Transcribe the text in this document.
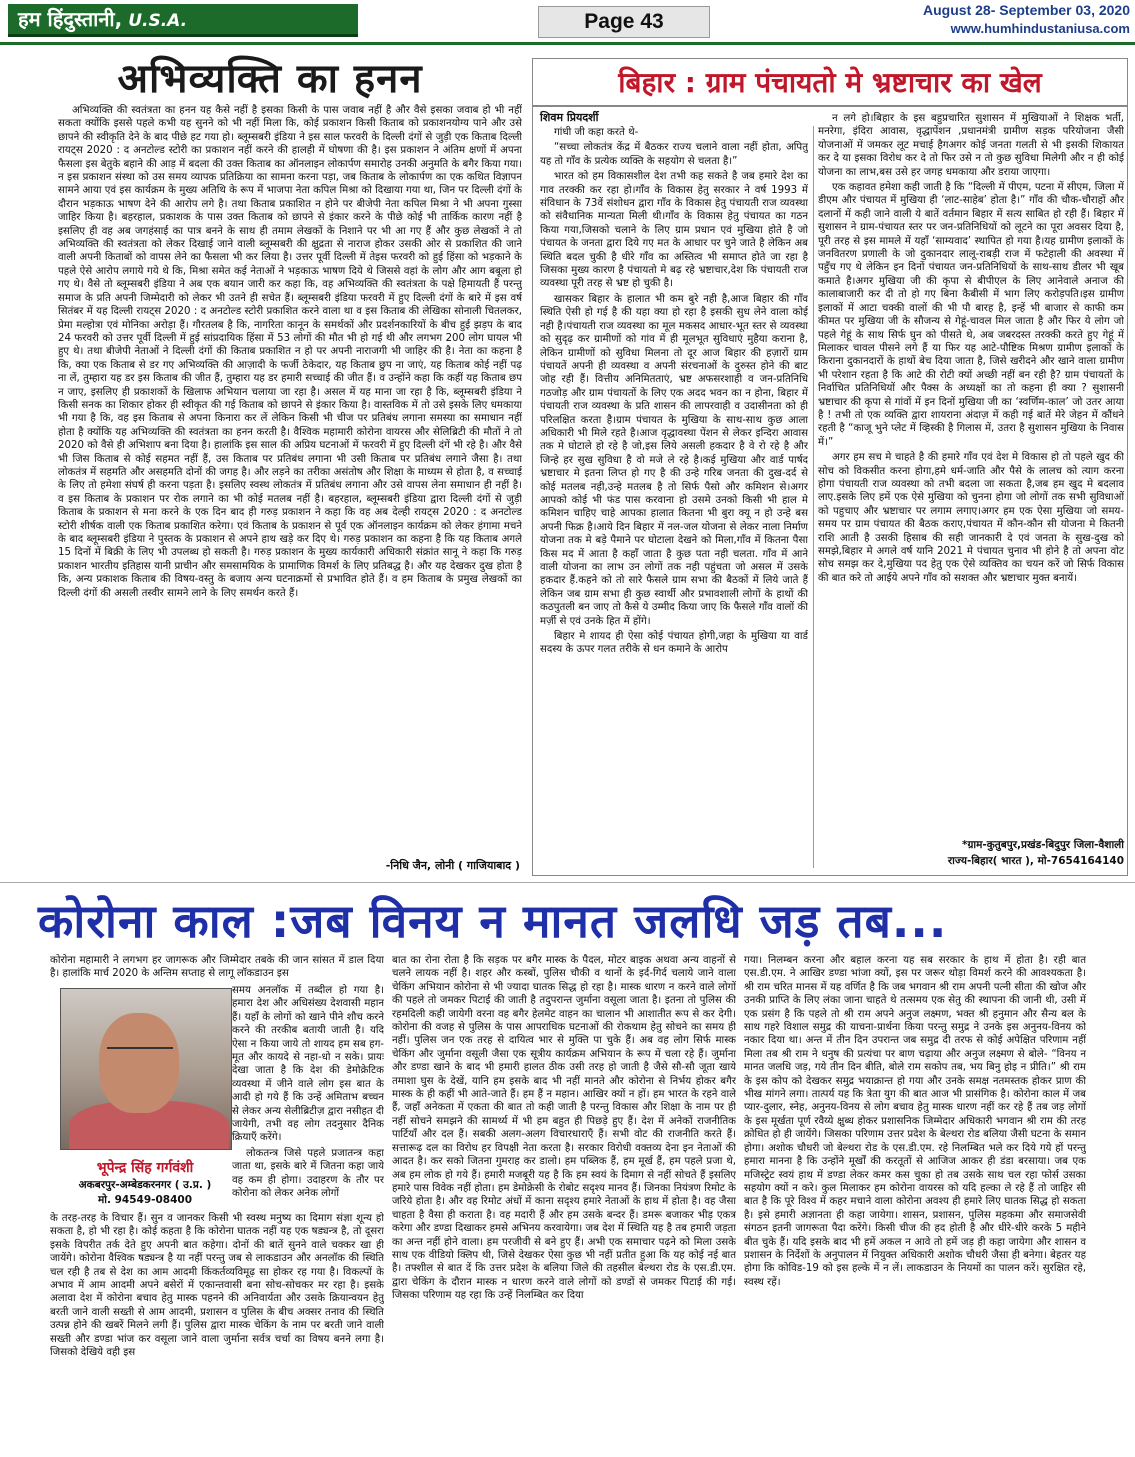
हम हिंदुस्तानी, U.S.A.	Page 43	August 28- September 03, 2020
www.humhindustaniusa.com
अभिव्यक्ति का हनन

अभिव्यक्ति की स्वतंत्रता का हनन यह कैसे नहीं है इसका किसी के पास जवाब नहीं है और वैसे इसका जवाब हो भी नहीं सकता क्योंकि इससे पहले कभी यह सुनने को भी नहीं मिला कि, कोई प्रकाशन किसी किताब को प्रकाशनयोग्य पाने और उसे छापने की स्वीकृति देने के बाद पीछे हट गया हो। ब्लूम्सबरी इंडिया ने इस साल फरवरी के दिल्ली दंगों से जुड़ी एक किताब दिल्ली रायट्स 2020 : द अनटोल्ड स्टोरी का प्रकाशन नहीं करने की हालही में घोषणा की है। इस प्रकाशन ने अंतिम क्षणों में अपना फैसला इस बेतुके बहाने की आड़ में बदला की उक्त किताब का ऑनलाइन लोकार्पण समारोह उनकी अनुमति के बगैर किया गया। न इस प्रकाशन संस्था को उस समय व्यापक प्रतिक्रिया का सामना करना पड़ा, जब किताब के लोकार्पण का एक कथित विज्ञापन सामने आया एवं इस कार्यक्रम के मुख्य अतिथि के रूप में भाजपा नेता कपिल मिश्रा को दिखाया गया था, जिन पर दिल्ली दंगों के दौरान भड़काऊ भाषण देने की आरोप लगे है। तथा किताब प्रकाशित न होने पर बीजेपी नेता कपिल मिश्रा ने भी अपना गुस्सा जाहिर किया है। बहरहाल, प्रकाशक के पास उक्त किताब को छापने से इंकार करने के पीछे कोई भी तार्किक कारण नहीं है इसलिए ही वह अब जगहंसाई का पात्र बनने के साथ ही तमाम लेखकों के निशाने पर भी आ गए हैं और कुछ लेखकों ने तो अभिव्यक्ति की स्वतंत्रता को लेकर दिखाई जाने वाली ब्लूम्सबरी की क्षुद्रता से नाराज होकर उसकी ओर से प्रकाशित की जाने वाली अपनी किताबों को वापस लेने का फैसला भी कर लिया है। उत्तर पूर्वी दिल्ली में तेइस फरवरी को हुई हिंसा को भड़काने के पहले ऐसे आरोप लगाये गये थे कि, मिश्रा समेत कई नेताओं ने भड़काऊ भाषण दिये थे जिससे वहां के लोग और आग बबूला हो गए थे। वैसे तो ब्लूम्सबरी इंडिया ने अब एक बयान जारी कर कहा कि, वह अभिव्यक्ति की स्वतंत्रता के पक्षे हिमायती हैं परन्तु समाज के प्रति अपनी जिम्मेदारी को लेकर भी उतने ही सचेत हैं। ब्लूम्सबरी इंडिया फरवरी में हुए दिल्ली दंगों के बारे में इस वर्ष सितंबर में यह दिल्ली रायट्स 2020 : द अनटोल्ड स्टोरी प्रकाशित करने वाला था व इस किताब की लेखिका सोनाली चितलकर, प्रेमा मल्होत्रा एवं मोनिका अरोड़ा हैं। गौरतलब है कि, नागरिता कानून के समर्थकों और प्रदर्शनकारियों के बीच हुई झड़प के बाद 24 फरवरी को उत्तर पूर्वी दिल्ली में हुई सांप्रदायिक हिंसा में 53 लोगों की मौत भी हो गई थी और लगभग 200 लोग घायल भी हुए थे। तथा बीजेपी नेताओं ने दिल्ली दंगों की किताब प्रकाशित न हो पर अपनी नाराजगी भी जाहिर की है। नेता का कहना है कि, क्या एक किताब से डर गए अभिव्यक्ति की आज़ादी के फर्जी ठेकेदार, यह किताब छुप ना जाएं, यह किताब कोई नहीं पढ़ ना लें, तुम्हारा यह डर इस किताब की जीत हैं, तुम्हारा यह डर हमारी सच्चाई की जीत हैं। व उन्होंने कहा कि कहीं यह किताब छप न जाए, इसलिए ही प्रकाशकों के खिलाफ अभियान चलाया जा रहा है। असल में यह माना जा रहा है कि, ब्लूम्सबरी इंडिया ने किसी सनक का शिकार होकर ही स्वीकृत की गई किताब को छापने से इंकार किया है। वास्तविक में तो उसे इसके लिए धमकाया भी गया है कि, वह इस किताब से अपना किनारा कर लें लेकिन किसी भी चीज पर प्रतिबंध लगाना समस्या का समाधान नहीं होता है क्योंकि यह अभिव्यक्ति की स्वतंत्रता का हनन करती है। वैश्विक महामारी कोरोना वायरस और सेलिब्रिटी की मौतों ने तो 2020 को वैसे ही अभिशाप बना दिया है। हालांकि इस साल की अप्रिय घटनाओं में फरवरी में हुए दिल्ली दंगें भी रहे है। और वैसे भी जिस किताब से कोई सहमत नहीं हैं, उस किताब पर प्रतिबंध लगाना भी उसी किताब पर प्रतिबंध लगाने जैसा है। तथा लोकतंत्र में सहमति और असहमति दोनों की जगह है। और लड़ने का तरीका असंतोष और शिक्षा के माध्यम से होता है, व सच्चाई के लिए तो हमेशा संघर्ष ही करना पड़ता है। इसलिए स्वस्थ लोकतंत्र में प्रतिबंध लगाना और उसे वापस लेना समाधान ही नहीं है। व इस किताब के प्रकाशन पर रोक लगाने का भी कोई मतलब नहीं है। बहरहाल, ब्लूम्सबरी इंडिया द्वारा दिल्ली दंगों से जुड़ी किताब के प्रकाशन से मना करने के एक दिन बाद ही गरुड़ प्रकाशन ने कहा कि वह अब देल्ही रायट्स 2020 : द अनटोल्ड स्टोरी शीर्षक वाली एक किताब प्रकाशित करेगा। एवं किताब के प्रकाशन से पूर्व एक ऑनलाइन कार्यक्रम को लेकर हंगामा मचने के बाद ब्लूम्सबरी इंडिया ने पुस्तक के प्रकाशन से अपने हाथ खड़े कर दिए थे। गरुड़ प्रकाशन का कहना है कि यह किताब अगले 15 दिनों में बिक्री के लिए भी उपलब्ध हो सकती है। गरुड़ प्रकाशन के मुख्य कार्यकारी अधिकारी संक्रांत सानू ने कहा कि गरुड़ प्रकाशन भारतीय इतिहास यानी प्राचीन और समसामयिक के प्रामाणिक विमर्श के लिए प्रतिबद्ध है। और यह देखकर दुख होता है कि, अन्य प्रकाशक किताब की विषय-वस्तु के बजाय अन्य घटनाक्रमों से प्रभावित होते हैं। व हम किताब के प्रमुख लेखकों का दिल्ली दंगों की असली तस्वीर सामने लाने के लिए समर्थन करते हैं।

-निधि जैन, लोनी ( गाजियाबाद )
बिहार : ग्राम पंचायतो मे भ्रष्टाचार का खेल
शिवम प्रियदर्शी

गांधी जी कहा करते थे-

“सच्चा लोकतंत्र केंद्र में बैठकर राज्य चलाने वाला नहीं होता, अपितु यह तो गाँव के प्रत्येक व्यक्ति के सहयोग से चलता है।”

भारत को हम विकासशील देश तभी कह सकते है जब हमारे देश का गाव तरक्की कर रहा हो।गाँव के विकास हेतु सरकार ने वर्ष 1993 में संविधान के 73वें संशोधन द्वारा गाँव के विकास हेतु पंचायती राज व्यवस्था को संवैधानिक मान्यता मिली थी।गाँव के विकास हेतु पंचायत का गठन किया गया,जिसको चलाने के लिए ग्राम प्रधान एवं मुखिया होते है जो पंचायत के जनता द्वारा दिये गए मत के आधार पर चुने जाते है लेकिन अब स्थिति बदल चुकी है धीरे गाँव का अस्तित्व भी समाप्त होते जा रहा है जिसका मुख्य कारण है पंचायतो मे बढ़ रहे भ्रष्टाचार,देश कि पंचायती राज व्यवस्था पूरी तरह से भ्रष्ट हो चुकी है।

खासकर बिहार के हालात भी कम बुरे नही है,आज बिहार की गाँव स्थिति ऐसी हो गई है की यहा क्या हो रहा है इसकी सुध लेने वाला कोई नही है।पंचायती राज व्यवस्था का मूल मकसद आधार-भूत स्तर से व्यवस्था को सुदृढ़ कर ग्रामीणों को गांव में ही मूलभूत सुविधाएं मुहैया कराना है, लेकिन ग्रामीणों को सुविधा मिलना तो दूर आज बिहार की हज़ारों ग्राम पंचायतें अपनी ही व्यवस्था व अपनी संरचनाओं के दुरुस्त होने की बाट जोह रही हैं। वित्तीय अनिमितताएं, भ्रष्ट अफसरशाही व जन-प्रतिनिधि गठजोड़ और ग्राम पंचायतों के लिए एक अदद भवन का न होना, बिहार में पंचायती राज व्यवस्था के प्रति शासन की लापरवाही व उदासीनता को ही परिलक्षित करता है।ग्राम पंचायत के मुखिया के साथ-साथ कुछ आला अधिकारी भी मिले रहते है।आज वृद्धावस्था पेंशन से लेकर इन्दिरा आवास तक मे घोटाले हो रहे है जो,इस लिये असली हकदार है वे रो रहे है और जिन्हे हर सुख सुविधा है वो मजे ले रहे है।कई मुखिया और वार्ड पार्षद भ्रष्टाचार मे इतना लिप्त हो गए है की उन्हे गरिब जनता की दुख-दर्द से कोई मतलब नही,उन्हे मतलब है तो सिर्फ पैसो और कमिशन से।अगर आपको कोई भी फंड पास करवाना हो उसमे उनको किसी भी हाल मे कमिशन चाहिए चाहे आपका हालात कितना भी बुरा क्यू न हो उन्हे बस अपनी फिक्र है।आये दिन बिहार में नल-जल योजना से लेकर नाला निर्माण योजना तक मे बड़े पैमाने पर घोटाला देखने को मिला,गाँव में कितना पैसा किस मद में आता है कहाँ जाता है कुछ पता नही चलता. गाँव में आने वाली योजना का लाभ उन लोगों तक नही पहुंचता जो असल में उसके हकदार हैं.कहने को तो सारे फैसले ग्राम सभा की बैठकों में लिये जाते हैं लेकिन जब ग्राम सभा ही कुछ स्वार्थी और प्रभावशाली लोगों के हाथों की कठपुतली बन जाए तो कैसे ये उम्मीद किया जाए कि फैसले गाँव वालों की मर्ज़ी से एवं उनके हित में होंगे।

बिहार मे शायद ही ऐसा कोई पंचायत होगी,जहा के मुखिया या वार्ड सदस्य के ऊपर गलत तरीके से धन कमाने के आरोप

न लगे हो।बिहार के इस बहुप्रचारित सुशासन में मुखियाओं ने शिक्षक भर्ती, मनरेगा, इंदिरा आवास, वृद्धापेंशन ,प्रधानमंत्री ग्रामीण सड़क परियोजना जैसी योजनाओं में जमकर लूट मचाई हैगअगर कोई जनता गलती से भी इसकी शिकायत कर दे या इसका विरोध कर दे तो फिर उसे न तो कुछ सुविधा मिलेगी और न ही कोई योजना का लाभ,बस उसे हर जगह धमकाया और डराया जाएगा।

एक कहावत हमेशा कही जाती है कि “दिल्ली में पीएम, पटना में सीएम, जिला में डीएम और पंचायत में मुखिया ही ‘लाट-साहेब’ होता है।” गाँव की चौक-चौराहों और दलानों में कही जाने वाली ये बातें वर्तमान बिहार में सत्य साबित हो रही हैं। बिहार में सुशासन ने ग्राम-पंचायत स्तर पर जन-प्रतिनिधियों को लूटने का पूरा अवसर दिया है, पूरी तरह से इस मामले में यहाँ ‘साम्यवाद’ स्थापित हो गया है।यह ग्रामीण इलाकों के जनवितरण प्रणाली के जो दुकानदार लालू-राबड़ी राज में फटेहाली की अवस्था में पहुँच गए थे लेकिन इन दिनों पंचायत जन-प्रतिनिधियों के साथ-साथ डीलर भी खूब कमाते है।अगर मुखिया जी की कृपा से बीपीएल के लिए आनेवाले अनाज की कालाबाजारी कर दी तो हो गए बिना कैबीसी में भाग लिए करोड़पति।इस ग्रामीण इलाकों में आटा चक्की वालों की भी पौ बारह है, इन्हें भी बाजार से काफी कम कीमत पर मुखिया जी के सौजन्य से गेहूं-चावल मिल जाता है और फिर ये लोग जो पहले गेहूं के साथ सिर्फ घुन को पीसते थे, अब जबरदस्त तरक्की करते हुए गेहूं में मिलाकर चावल पीसने लगे हैं या फिर यह आटे-पौष्टिक मिश्रण ग्रामीण इलाकों के किराना दुकानदारों के हाथों बेच दिया जाता है, जिसे खरीदने और खाने वाला ग्रामीण भी परेशान रहता है कि आटे की रोटी क्यों अच्छी नहीं बन रही है? ग्राम पंचायतों के निर्वाचित प्रतिनिधियों और पैक्स के अध्यक्षों का तो कहना ही क्या ? सुशासनी भ्रष्टाचार की कृपा से गांवों में इन दिनों मुखिया जी का ‘स्वर्णिम-काल’ जो उतर आया है ! तभी तो एक व्यक्ति द्वारा शायराना अंदाज़ में कही गई बातें मेरे जेहन में कौंधने रहती है “काजू भुने प्लेट में व्हिस्की है गिलास में, उतरा है सुशासन मुखिया के निवास में।”

अगर हम सच मे चाहते है की हमारे गाँव एवं देश मे विकास हो तो पहले खुद की सोच को विकसीत करना होगा,हमे धर्म-जाति और पैसे के लालच को त्याग करना होगा पंचायती राज व्यवस्था को तभी बदला जा सकता है,जब हम खुद मे बदलाव लाए.इसके लिए हमें एक ऐसे मुखिया को चुनना होगा जो लोगों तक सभी सुविधाओं को पहुचाए और भ्रष्टाचार पर लगाम लगाए।अगर हम एक ऐसा मुखिया जो समय-समय पर ग्राम पंचायत की बैठक कराए,पंचायत में कौन-कौन सी योजना मे कितनी राशि आती है उसकी हिसाब की सही जानकारी दे एवं जनता के सुख-दुख को समझे,बिहार मे अगले वर्ष यानि 2021 मे पंचायत चुनाव भी होने है तो अपना वोट सोच समझ कर दे,मुखिया पद हेतु एक ऐसे व्यक्तिव का चयन करें जो सिर्फ विकास की बात करे तो आईये अपने गाँव को सशक्त और भ्रष्टाचार मुक्त बनायें।

*ग्राम-कुतुबपुर,प्रखंड-बिदुपुर जिला-वैशाली
राज्य-बिहार( भारत ), मो-7654164140
कोरोना काल :जब विनय न मानत जलधि जड़ तब...

कोरोना महामारी ने लगभग हर जागरूक और जिम्मेदार तबके की जान सांसत में डाल दिया है। हालांकि मार्च 2020 के अन्तिम सप्ताह से लागू लॉकडाउन इस

भूपेन्द्र सिंह गर्गवंशी
अकबरपुर-अम्बेडकरनगर ( उ.प्र. )
मो. 94549-08400

समय अनलॉक में तब्दील हो गया है। हमारा देश और अधिसंख्य देशवासी महान हैं। यहाँ के लोगों को खाने पीने शौच करने करने की तरकीब बतायी जाती है। यदि ऐसा न किया जाये तो शायद हम सब हग-मूत और कायदे से नहा-धो न सके। प्रायः देखा जाता है कि देश की डेमोक्रेटिक व्यवस्था में जीने वाले लोग इस बात के आदी हो गये हैं कि उन्हें अमिताभ बच्चन से लेकर अन्य सेलीब्रिटीज़ द्वारा नसीहत दी जायेगी, तभी वह लोग तदनुसार दैनिक क्रियाएँ करेंगे।

लोकतन्त्र जिसे पहले प्रजातन्त्र कहा जाता था, इसके बारे में जितना कहा जाये वह कम ही होगा। उदाहरण के तौर पर कोरोना को लेकर अनेक लोगों

के तरह-तरह के विचार हैं। सुन व जानकर किसी भी स्वस्थ मनुष्य का दिमाग संज्ञा शून्य हो सकता है, हो भी रहा है। कोई कहता है कि कोरोना घातक नहीं यह एक षड्यन्त्र है, तो दूसरा इसके विपरीत तर्क देते हुए अपनी बात कहेगा। दोनों की बातें सुनने वाले चक्कर खा ही जायेंगे। कोरोना वैश्विक षड्यन्त्र है या नहीं परन्तु जब से लाकडाउन और अनलॉक की स्थिति चल रही है तब से देश का आम आदमी किंकर्तव्यविमूढ़ सा होकर रह गया है। विकल्पों के अभाव में आम आदमी अपने बसेरों में एकान्तवासी बना सोच-सोचकर मर रहा है। इसके अलावा देश में कोरोना बचाव हेतु मास्क पहनने की अनिवार्यता और उसके क्रियान्वयन हेतु बरती जाने वाली सख्ती से आम आदमी, प्रशासन व पुलिस के बीच अक्सर तनाव की स्थिति उत्पन्न होने की खबरें मिलने लगी हैं। पुलिस द्वारा मास्क चेकिंग के नाम पर बरती जाने वाली सख्ती और डण्डा भांज कर वसूला जाने वाला जुर्माना सर्वत्र चर्चा का विषय बनने लगा है। जिसको देखिये वही इस

बात का रोना रोता है कि सड़क पर बगैर मास्क के पैदल, मोटर बाइक अथवा अन्य वाहनों से चलने लायक नहीं है। शहर और कस्बों, पुलिस चौकी व थानों के इर्द-गिर्द चलाये जाने वाला चेकिंग अभियान कोरोना से भी ज्यादा घातक सिद्ध हो रहा है। मास्क धारण न करने वाले लोगों की पहले तो जमकर पिटाई की जाती है तदुपरान्त जुर्माना वसूला जाता है। इतना तो पुलिस की रहमदिली कही जायेगी वरना वह बगैर हेलमेट वाहन का चालान भी आशातीत रूप से कर देगी। कोरोना की वजह से पुलिस के पास आपराधिक घटनाओं की रोकथाम हेतु सोचने का समय ही नहीं। पुलिस जन एक तरह से दायित्व भार से मुक्ति पा चुके हैं। अब वह लोग सिर्फ मास्क चेकिंग और जुर्माना वसूली जैसा एक सूत्रीय कार्यक्रम अभियान के रूप में चला रहे हैं। जुर्माना और डण्डा खाने के बाद भी हमारी हालत ठीक उसी तरह हो जाती है जैसे सौ-सौ जूता खाये तमाशा घुस के देखें, यानि हम इसके बाद भी नहीं मानते और कोरोना से निर्भय होकर बगैर मास्क के ही कहीं भी आते-जाते हैं। हम हैं न महान। आखिर क्यों न हों। हम भारत के रहने वाले हैं, जहाँ अनेकता में एकता की बात तो कही जाती है परन्तु विकास और शिक्षा के नाम पर ही नहीं सोचने समझने की सामर्थ्य में भी हम बहुत ही पिछड़े हुए हैं। देश में अनेकों राजनीतिक पार्टियाँ और दल हैं। सबकी अलग-अलग विचारधाराएँ हैं। सभी वोट की राजनीति करते हैं। सत्तारूढ़ दल का विरोध हर विपक्षी नेता करता है। सरकार विरोधी वक्तव्य देना इन नेताओं की आदत है। कर सको जितना गुमराह कर डालो। हम पब्लिक हैं, हम मूर्ख हैं, हम पहले प्रजा थे, अब हम लोक हो गये हैं। हमारी मजबूरी यह है कि हम स्वयं के दिमाग से नहीं सोचते हैं इसलिए हमारे पास विवेक नहीं होता। हम डेमोक्रेसी के रोबोट सदृश्य मानव हैं। जिनका नियंत्रण रिमोट के जरिये होता है। और वह रिमोट अंधों में काना सदृश्य हमारे नेताओं के हाथ में होता है। वह जैसा चाहता है वैसा ही कराता है। वह मदारी हैं और हम उसके बन्दर हैं। डमरू बजाकर भीड़ एकत्र करेगा और डण्डा दिखाकर हमसे अभिनय करवायेगा। जब देश में स्थिति यह है तब हमारी जड़ता का अन्त नहीं होने वाला। हम परजीवी से बने हुए हैं। अभी एक समाचार पढ़ने को मिला उसके साथ एक वीडियो क्लिप थी, जिसे देखकर ऐसा कुछ भी नहीं प्रतीत हुआ कि यह कोई नई बात है। तफ्शील से बात दें कि उत्तर प्रदेश के बलिया जिले की तहसील बेल्थरा रोड के एस.डी.एम. द्वारा चेकिंग के दौरान मास्क न धारण करने वाले लोगों को डण्डों से जमकर पिटाई की गई। जिसका परिणाम यह रहा कि उन्हें निलम्बित कर दिया

गया। निलम्बन करना और बहाल करना यह सब सरकार के हाथ में होता है। रही बात एस.डी.एम. ने आखिर डण्डा भांजा क्यों, इस पर जरूर थोड़ा विमर्श करने की आवश्यकता है। श्री राम चरित मानस में यह वर्णित है कि जब भगवान श्री राम अपनी पत्नी सीता की खोज और उनकी प्राप्ति के लिए लंका जाना चाहते थे तत्समय एक सेतु की स्थापना की जानी थी, उसी में एक प्रसंग है कि पहले तो श्री राम अपने अनुज लक्ष्मण, भक्त श्री हनुमान और सैन्य बल के साथ गहरे विशाल समुद्र की याचना-प्रार्थना किया परन्तु समुद्र ने उनके इस अनुनय-विनय को नकार दिया था। अन्त में तीन दिन उपरान्त जब समुद्र दी तरफ से कोई अपेक्षित परिणाम नहीं मिला तब श्री राम ने धनुष की प्रत्यंचा पर बाण चढ़ाया और अनुज लक्ष्मण से बोले- “विनय न मानत जलधि जड़, गये तीन दिन बीति, बोले राम सकोप तब, भय बिनु होइ न प्रीति।” श्री राम के इस कोप को देखकर समुद्र भयाक्रान्त हो गया और उनके समक्ष नतमस्तक होकर प्राण की भीख मांगने लगा। तात्पर्य यह कि त्रेता युग की बात आज भी प्रासंगिक है। कोरोना काल में जब प्यार-दुलार, स्नेह, अनुनय-विनय से लोग बचाव हेतु मास्क धारण नहीं कर रहे हैं तब जड़ लोगों के इस मूर्खता पूर्ण रवैय्ये क्षुब्ध होकर प्रशासनिक जिम्मेदार अधिकारी भगवान श्री राम की तरह क्रोधित हो ही जायेंगे। जिसका परिणाम उत्तर प्रदेश के बेल्थरा रोड बलिया जैसी घटना के समान होगा। अशोक चौधरी जो बेल्थरा रोड के एस.डी.एम. रहे निलम्बित भले कर दिये गये हों परन्तु हमारा मानना है कि उन्होंने मूर्खों की करतूतों से आजिज आकर ही डंडा बरसाया। जब एक मजिस्ट्रेट स्वयं हाथ में डण्डा लेकर कमर कस चुका हो तब उसके साथ चल रहा फोर्स उसका सहयोग क्यों न करे। कुल मिलाकर हम कोरोना वायरस को यदि हल्का ले रहे हैं तो जाहिर सी बात है कि पूरे विश्व में कहर मचाने वाला कोरोना अवश्य ही हमारे लिए घातक सिद्ध हो सकता है। इसे हमारी अज्ञानता ही कहा जायेगा। शासन, प्रशासन, पुलिस महकमा और समाजसेवी संगठन इतनी जागरूता पैदा करेंगे। किसी चीज की हद होती है और धीरे-धीरे करके 5 महीने बीत चुके हैं। यदि इसके बाद भी हमें अकल न आवे तो हमें जड़ ही कहा जायेगा और शासन व प्रशासन के निर्देशों के अनुपालन में नियुक्त अधिकारी अशोक चौधरी जैसा ही बनेगा। बेहतर यह होगा कि कोविड-19 को इस हल्के में न लें। लाकडाउन के नियमों का पालन करें। सुरक्षित रहे, स्वस्थ रहें।
